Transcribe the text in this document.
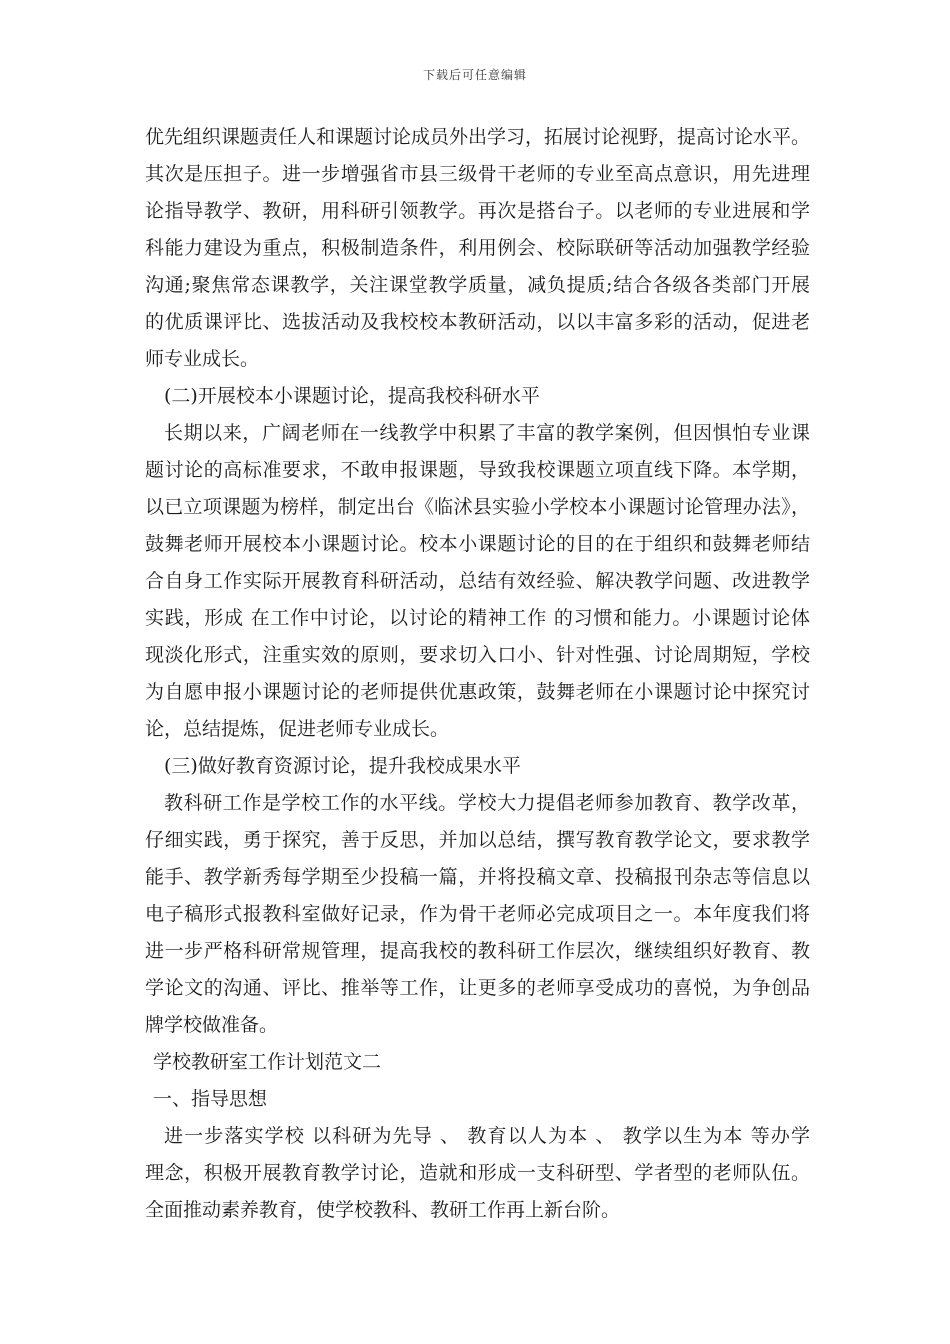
下载后可任意编辑
优先组织课题责任人和课题讨论成员外出学习，拓展讨论视野，提高讨论水平。
其次是压担子。进一步增强省市县三级骨干老师的专业至高点意识，用先进理
论指导教学、教研，用科研引领教学。再次是搭台子。以老师的专业进展和学
科能力建设为重点，积极制造条件，利用例会、校际联研等活动加强教学经验
沟通;聚焦常态课教学，关注课堂教学质量，减负提质;结合各级各类部门开展
的优质课评比、选拔活动及我校校本教研活动，以以丰富多彩的活动，促进老
师专业成长。
(二)开展校本小课题讨论，提高我校科研水平
长期以来，广阔老师在一线教学中积累了丰富的教学案例，但因惧怕专业课
题讨论的高标准要求，不敢申报课题，导致我校课题立项直线下降。本学期，
以已立项课题为榜样，制定出台《临沭县实验小学校本小课题讨论管理办法》，
鼓舞老师开展校本小课题讨论。校本小课题讨论的目的在于组织和鼓舞老师结
合自身工作实际开展教育科研活动，总结有效经验、解决教学问题、改进教学
实践，形成 在工作中讨论，以讨论的精神工作 的习惯和能力。小课题讨论体
现淡化形式，注重实效的原则，要求切入口小、针对性强、讨论周期短，学校
为自愿申报小课题讨论的老师提供优惠政策，鼓舞老师在小课题讨论中探究讨
论，总结提炼，促进老师专业成长。
(三)做好教育资源讨论，提升我校成果水平
教科研工作是学校工作的水平线。学校大力提倡老师参加教育、教学改革，
仔细实践，勇于探究，善于反思，并加以总结，撰写教育教学论文，要求教学
能手、教学新秀每学期至少投稿一篇，并将投稿文章、投稿报刊杂志等信息以
电子稿形式报教科室做好记录，作为骨干老师必完成项目之一。本年度我们将
进一步严格科研常规管理，提高我校的教科研工作层次，继续组织好教育、教
学论文的沟通、评比、推举等工作，让更多的老师享受成功的喜悦，为争创品
牌学校做准备。
学校教研室工作计划范文二
一、指导思想
进一步落实学校 以科研为先导 、 教育以人为本 、 教学以生为本 等办学
理念，积极开展教育教学讨论，造就和形成一支科研型、学者型的老师队伍。
全面推动素养教育，使学校教科、教研工作再上新台阶。
